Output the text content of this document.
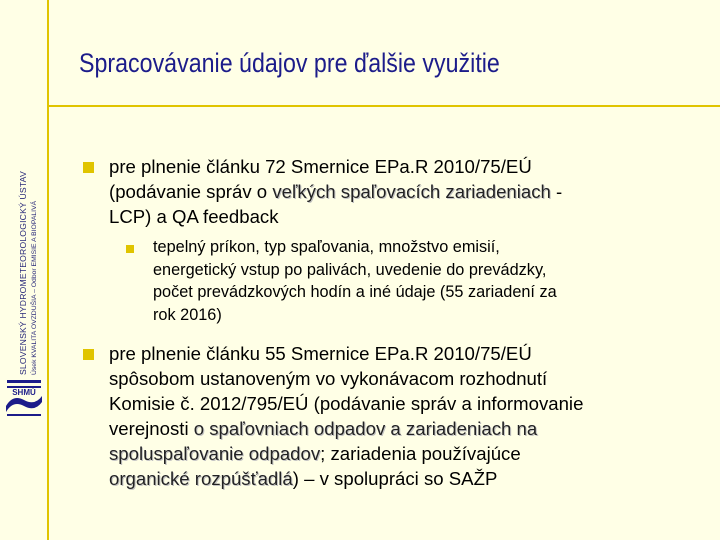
SLOVENSKÝ HYDROMETEOROLOGICKÝ ÚSTAV Úsek KVALITA OVZDUŠIA – Odbor EMISIE A BIOPALIVÁ
SHMÚ
Spracovávanie údajov pre ďalšie využitie
pre plnenie článku 72 Smernice EPa.R 2010/75/EÚ
(podávanie správ o veľkých spaľovacích zariadeniach -
LCP) a QA feedback
tepelný príkon, typ spaľovania, množstvo emisií,
energetický vstup po palivách, uvedenie do prevádzky,
počet prevádzkových hodín a iné údaje (55 zariadení za
rok 2016)
pre plnenie článku 55 Smernice EPa.R 2010/75/EÚ
spôsobom ustanoveným vo vykonávacom rozhodnutí
Komisie č. 2012/795/EÚ (podávanie správ a informovanie
verejnosti o spaľovniach odpadov a zariadeniach na
spoluspaľovanie odpadov; zariadenia používajúce
organické rozpúšťadlá) – v spolupráci so SAŽP
